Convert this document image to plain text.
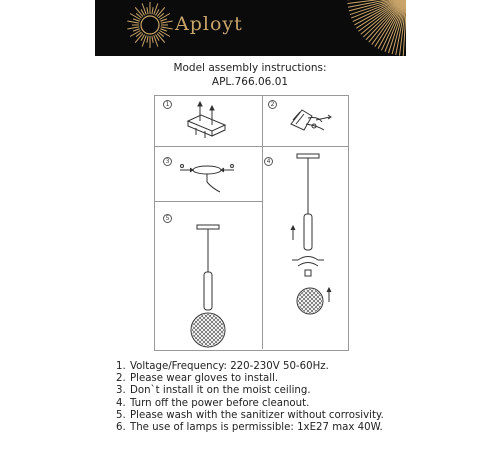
Aployt
Model assembly instructions:
APL.766.06.01
1	2
3	4
5
1. Voltage/Frequency: 220-230V 50-60Hz.
2. Please wear gloves to install.
3. Don`t install it on the moist ceiling.
4. Turn off the power before cleanout.
5. Please wash with the sanitizer without corrosivity.
6. The use of lamps is permissible: 1xE27 max 40W.
